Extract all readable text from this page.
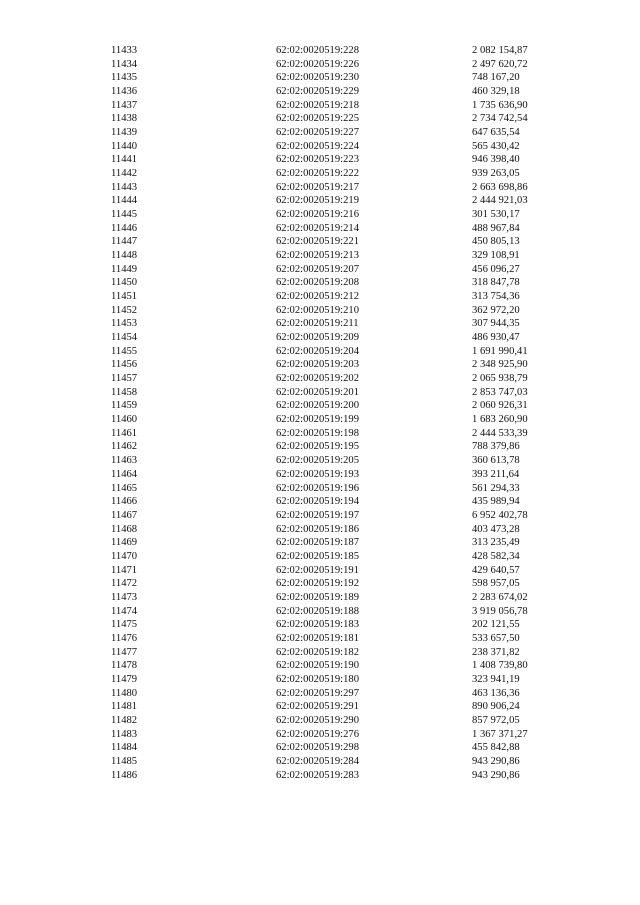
11433	62:02:0020519:228	2 082 154,87
11434	62:02:0020519:226	2 497 620,72
11435	62:02:0020519:230	748 167,20
11436	62:02:0020519:229	460 329,18
11437	62:02:0020519:218	1 735 636,90
11438	62:02:0020519:225	2 734 742,54
11439	62:02:0020519:227	647 635,54
11440	62:02:0020519:224	565 430,42
11441	62:02:0020519:223	946 398,40
11442	62:02:0020519:222	939 263,05
11443	62:02:0020519:217	2 663 698,86
11444	62:02:0020519:219	2 444 921,03
11445	62:02:0020519:216	301 530,17
11446	62:02:0020519:214	488 967,84
11447	62:02:0020519:221	450 805,13
11448	62:02:0020519:213	329 108,91
11449	62:02:0020519:207	456 096,27
11450	62:02:0020519:208	318 847,78
11451	62:02:0020519:212	313 754,36
11452	62:02:0020519:210	362 972,20
11453	62:02:0020519:211	307 944,35
11454	62:02:0020519:209	486 930,47
11455	62:02:0020519:204	1 691 990,41
11456	62:02:0020519:203	2 348 925,90
11457	62:02:0020519:202	2 065 938,79
11458	62:02:0020519:201	2 853 747,03
11459	62:02:0020519:200	2 060 926,31
11460	62:02:0020519:199	1 683 260,90
11461	62:02:0020519:198	2 444 533,39
11462	62:02:0020519:195	788 379,86
11463	62:02:0020519:205	360 613,78
11464	62:02:0020519:193	393 211,64
11465	62:02:0020519:196	561 294,33
11466	62:02:0020519:194	435 989,94
11467	62:02:0020519:197	6 952 402,78
11468	62:02:0020519:186	403 473,28
11469	62:02:0020519:187	313 235,49
11470	62:02:0020519:185	428 582,34
11471	62:02:0020519:191	429 640,57
11472	62:02:0020519:192	598 957,05
11473	62:02:0020519:189	2 283 674,02
11474	62:02:0020519:188	3 919 056,78
11475	62:02:0020519:183	202 121,55
11476	62:02:0020519:181	533 657,50
11477	62:02:0020519:182	238 371,82
11478	62:02:0020519:190	1 408 739,80
11479	62:02:0020519:180	323 941,19
11480	62:02:0020519:297	463 136,36
11481	62:02:0020519:291	890 906,24
11482	62:02:0020519:290	857 972,05
11483	62:02:0020519:276	1 367 371,27
11484	62:02:0020519:298	455 842,88
11485	62:02:0020519:284	943 290,86
11486	62:02:0020519:283	943 290,86
